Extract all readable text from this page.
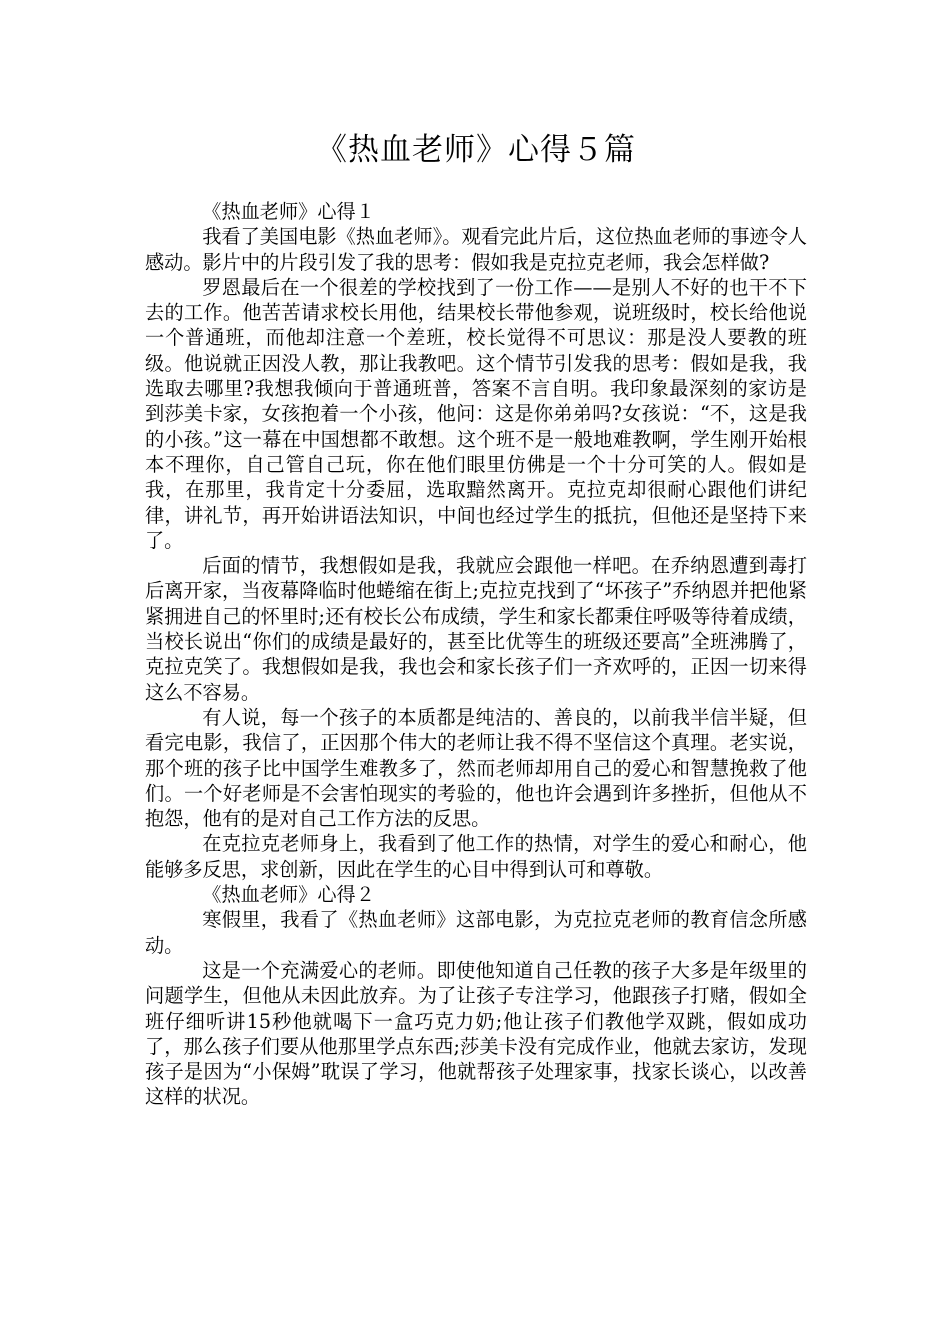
《热血老师》心得５篇

《热血老师》心得１

我看了美国电影《热血老师》。观看完此片后，这位热血老师的事迹令人感动。影片中的片段引发了我的思考：假如我是克拉克老师，我会怎样做?

罗恩最后在一个很差的学校找到了一份工作——是别人不好的也干不下去的工作。他苦苦请求校长用他，结果校长带他参观，说班级时，校长给他说一个普通班，而他却注意一个差班，校长觉得不可思议：那是没人要教的班级。他说就正因没人教，那让我教吧。这个情节引发我的思考：假如是我，我选取去哪里?我想我倾向于普通班普，答案不言自明。我印象最深刻的家访是到莎美卡家，女孩抱着一个小孩，他问：这是你弟弟吗?女孩说：“不，这是我的小孩。”这一幕在中国想都不敢想。这个班不是一般地难教啊，学生刚开始根本不理你，自己管自己玩，你在他们眼里仿佛是一个十分可笑的人。假如是我，在那里，我肯定十分委屈，选取黯然离开。克拉克却很耐心跟他们讲纪律，讲礼节，再开始讲语法知识，中间也经过学生的抵抗，但他还是坚持下来了。

后面的情节，我想假如是我，我就应会跟他一样吧。在乔纳恩遭到毒打后离开家，当夜幕降临时他蜷缩在街上;克拉克找到了“坏孩子”乔纳恩并把他紧紧拥进自己的怀里时;还有校长公布成绩，学生和家长都秉住呼吸等待着成绩，当校长说出“你们的成绩是最好的，甚至比优等生的班级还要高”全班沸腾了，克拉克笑了。我想假如是我，我也会和家长孩子们一齐欢呼的，正因一切来得这么不容易。

有人说，每一个孩子的本质都是纯洁的、善良的，以前我半信半疑，但看完电影，我信了，正因那个伟大的老师让我不得不坚信这个真理。老实说，那个班的孩子比中国学生难教多了，然而老师却用自己的爱心和智慧挽救了他们。一个好老师是不会害怕现实的考验的，他也许会遇到许多挫折，但他从不抱怨，他有的是对自己工作方法的反思。

在克拉克老师身上，我看到了他工作的热情，对学生的爱心和耐心，他能够多反思，求创新，因此在学生的心目中得到认可和尊敬。

《热血老师》心得２

寒假里，我看了《热血老师》这部电影，为克拉克老师的教育信念所感动。

这是一个充满爱心的老师。即使他知道自己任教的孩子大多是年级里的问题学生，但他从未因此放弃。为了让孩子专注学习，他跟孩子打赌，假如全班仔细听讲15秒他就喝下一盒巧克力奶;他让孩子们教他学双跳，假如成功了，那么孩子们要从他那里学点东西;莎美卡没有完成作业，他就去家访，发现孩子是因为“小保姆”耽误了学习，他就帮孩子处理家事，找家长谈心，以改善这样的状况。
